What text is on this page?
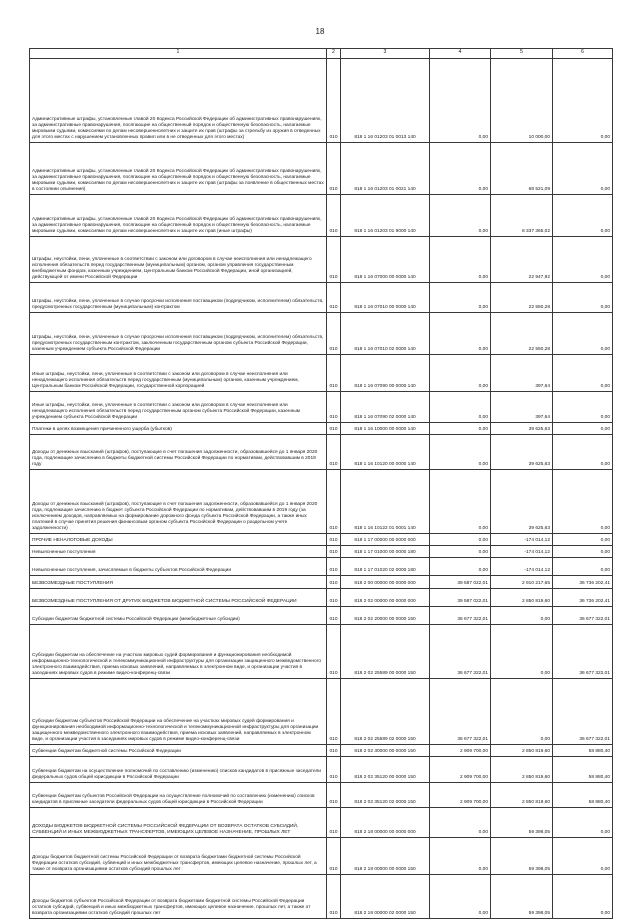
18
1	2	3	4	5	6
Административные штрафы, установленные главой 20 Кодекса Российской Федерации об административных правонарушениях, за административные правонарушения, посягающие на общественный порядок и общественную безопасность, налагаемые мировыми судьями, комиссиями по делам несовершеннолетних и защите их прав (штрафы за стрельбу из оружия в отведенных для этого местах с нарушением установленных правил или в не отведенных для этого местах)	010	818 1 16 01203 01 0013 140	0,00	10 000,00	0,00
Административные штрафы, установленные главой 20 Кодекса Российской Федерации об административных правонарушениях, за административные правонарушения, посягающие на общественный порядок и общественную безопасность, налагаемые мировыми судьями, комиссиями по делам несовершеннолетних и защите их прав (штрафы за появление в общественных местах в состоянии опьянения)	010	818 1 16 01203 01 0021 140	0,00	68 521,09	0,00
Административные штрафы, установленные главой 20 Кодекса Российской Федерации об административных правонарушениях, за административные правонарушения, посягающие на общественный порядок и общественную безопасность, налагаемые мировыми судьями, комиссиями по делам несовершеннолетних и защите их прав (иные штрафы)	010	818 1 16 01203 01 9000 140	0,00	8 337 365,02	0,00
Штрафы, неустойки, пени, уплаченные в соответствии с законом или договором в случае неисполнения или ненадлежащего исполнения обязательств перед государственным (муниципальным) органом, органом управления государственным внебюджетным фондом, казенным учреждением, Центральным банком Российской Федерации, иной организацией, действующей от имени Российской Федерации	010	818 1 16 07000 00 0000 140	0,00	22 947,92	0,00
Штрафы, неустойки, пени, уплаченные в случае просрочки исполнения поставщиком (подрядчиком, исполнителем) обязательств, предусмотренных государственным (муниципальным) контрактом	010	818 1 16 07010 00 0000 140	0,00	22 550,28	0,00
Штрафы, неустойки, пени, уплаченные в случае просрочки исполнения поставщиком (подрядчиком, исполнителем) обязательств, предусмотренных государственным контрактом, заключенным государственным органом субъекта Российской Федерации, казенным учреждением субъекта Российской Федерации	010	818 1 16 07010 02 0000 140	0,00	22 550,28	0,00
Иные штрафы, неустойки, пени, уплаченные в соответствии с законом или договором в случае неисполнения или ненадлежащего исполнения обязательств перед государственным (муниципальным) органом, казенным учреждением, Центральным банком Российской Федерации, государственной корпорацией	010	818 1 16 07090 00 0000 140	0,00	397,64	0,00
Иные штрафы, неустойки, пени, уплаченные в соответствии с законом или договором в случае неисполнения или ненадлежащего исполнения обязательств перед государственным органом субъекта Российской Федерации, казенным учреждением субъекта Российской Федерации	010	818 1 16 07090 02 0000 140	0,00	397,64	0,00
Платежи в целях возмещения причиненного ущерба (убытков)	010	818 1 16 10000 00 0000 140	0,00	39 625,63	0,00
Доходы от денежных взысканий (штрафов), поступающие в счет погашения задолженности, образовавшейся до 1 января 2020 года, подлежащие зачислению в бюджеты бюджетной системы Российской Федерации по нормативам, действовавшим в 2019 году	010	818 1 16 10120 00 0000 140	0,00	39 625,63	0,00
Доходы от денежных взысканий (штрафов), поступающие в счет погашения задолженности, образовавшейся до 1 января 2020 года, подлежащие зачислению в бюджет субъекта Российской Федерации по нормативам, действовавшим в 2019 году (за исключением доходов, направляемых на формирование дорожного фонда субъекта Российской Федерации, а также иных платежей в случае принятия решения финансовым органом субъекта Российской Федерации о раздельном учете задолженности)	010	818 1 16 10122 01 0001 140	0,00	39 625,63	0,00
ПРОЧИЕ НЕНАЛОГОВЫЕ ДОХОДЫ	010	818 1 17 00000 00 0000 000	0,00	-174 014,12	0,00
Невыясненные поступления	010	818 1 17 01000 00 0000 180	0,00	-174 014,12	0,00
Невыясненные поступления, зачисляемые в бюджеты субъектов Российской Федерации	010	818 1 17 01020 02 0000 180	0,00	-174 014,12	0,00
БЕЗВОЗМЕЗДНЫЕ ПОСТУПЛЕНИЯ	010	818 2 00 00000 00 0000 000	39 587 022,01	2 910 217,65	36 736 202,41
БЕЗВОЗМЕЗДНЫЕ ПОСТУПЛЕНИЯ ОТ ДРУГИХ БЮДЖЕТОВ БЮДЖЕТНОЙ СИСТЕМЫ РОССИЙСКОЙ ФЕДЕРАЦИИ	010	818 2 02 00000 00 0000 000	39 587 022,01	2 850 819,60	36 736 202,41
Субсидии бюджетам бюджетной системы Российской Федерации (межбюджетные субсидии)	010	818 2 02 20000 00 0000 150	36 677 322,01	0,00	36 677 322,01
Субсидии бюджетам на обеспечение на участках мировых судей формирования и функционирования необходимой информационно-технологической и телекоммуникационной инфраструктуры для организации защищенного межведомственного электронного взаимодействия, приема исковых заявлений, направляемых в электронном виде, и организации участия в заседаниях мировых судов в режиме видео-конференц-связи	010	818 2 02 25589 00 0000 150	36 677 322,01	0,00	36 677 322,01
Субсидии бюджетам субъектов Российской Федерации на обеспечение на участках мировых судей формирования и функционирования необходимой информационно-технологической и телекоммуникационной инфраструктуры для организации защищенного межведомственного электронного взаимодействия, приема исковых заявлений, направляемых в электронном виде, и организации участия в заседаниях мировых судов в режиме видео-конференц-связи	010	818 2 02 25589 02 0000 150	36 677 322,01	0,00	36 677 322,01
Субвенции бюджетам бюджетной системы Российской Федерации	010	818 2 02 30000 00 0000 150	2 909 700,00	2 850 819,60	58 880,40
Субвенции бюджетам на осуществление полномочий по составлению (изменению) списков кандидатов в присяжные заседатели федеральных судов общей юрисдикции в Российской Федерации	010	818 2 02 35120 00 0000 150	2 909 700,00	2 850 819,60	58 880,40
Субвенции бюджетам субъектов Российской Федерации на осуществление полномочий по составлению (изменению) списков кандидатов в присяжные заседатели федеральных судов общей юрисдикции в Российской Федерации	010	818 2 02 35120 02 0000 150	2 909 700,00	2 850 819,60	58 880,40
ДОХОДЫ БЮДЖЕТОВ БЮДЖЕТНОЙ СИСТЕМЫ РОССИЙСКОЙ ФЕДЕРАЦИИ ОТ ВОЗВРАТА ОСТАТКОВ СУБСИДИЙ, СУБВЕНЦИЙ И ИНЫХ МЕЖБЮДЖЕТНЫХ ТРАНСФЕРТОВ, ИМЕЮЩИХ ЦЕЛЕВОЕ НАЗНАЧЕНИЕ, ПРОШЛЫХ ЛЕТ	010	818 2 18 00000 00 0000 000	0,00	59 398,05	0,00
Доходы бюджетов бюджетной системы Российской Федерации от возврата бюджетами бюджетной системы Российской Федерации остатков субсидий, субвенций и иных межбюджетных трансфертов, имеющих целевое назначение, прошлых лет, а также от возврата организациями остатков субсидий прошлых лет	010	818 2 18 00000 00 0000 150	0,00	59 398,05	0,00
Доходы бюджетов субъектов Российской Федерации от возврата бюджетами бюджетной системы Российской Федерации остатков субсидий, субвенций и иных межбюджетных трансфертов, имеющих целевое назначение, прошлых лет, а также от возврата организациями остатков субсидий прошлых лет	010	818 2 18 00000 02 0000 150	0,00	59 398,05	0,00
